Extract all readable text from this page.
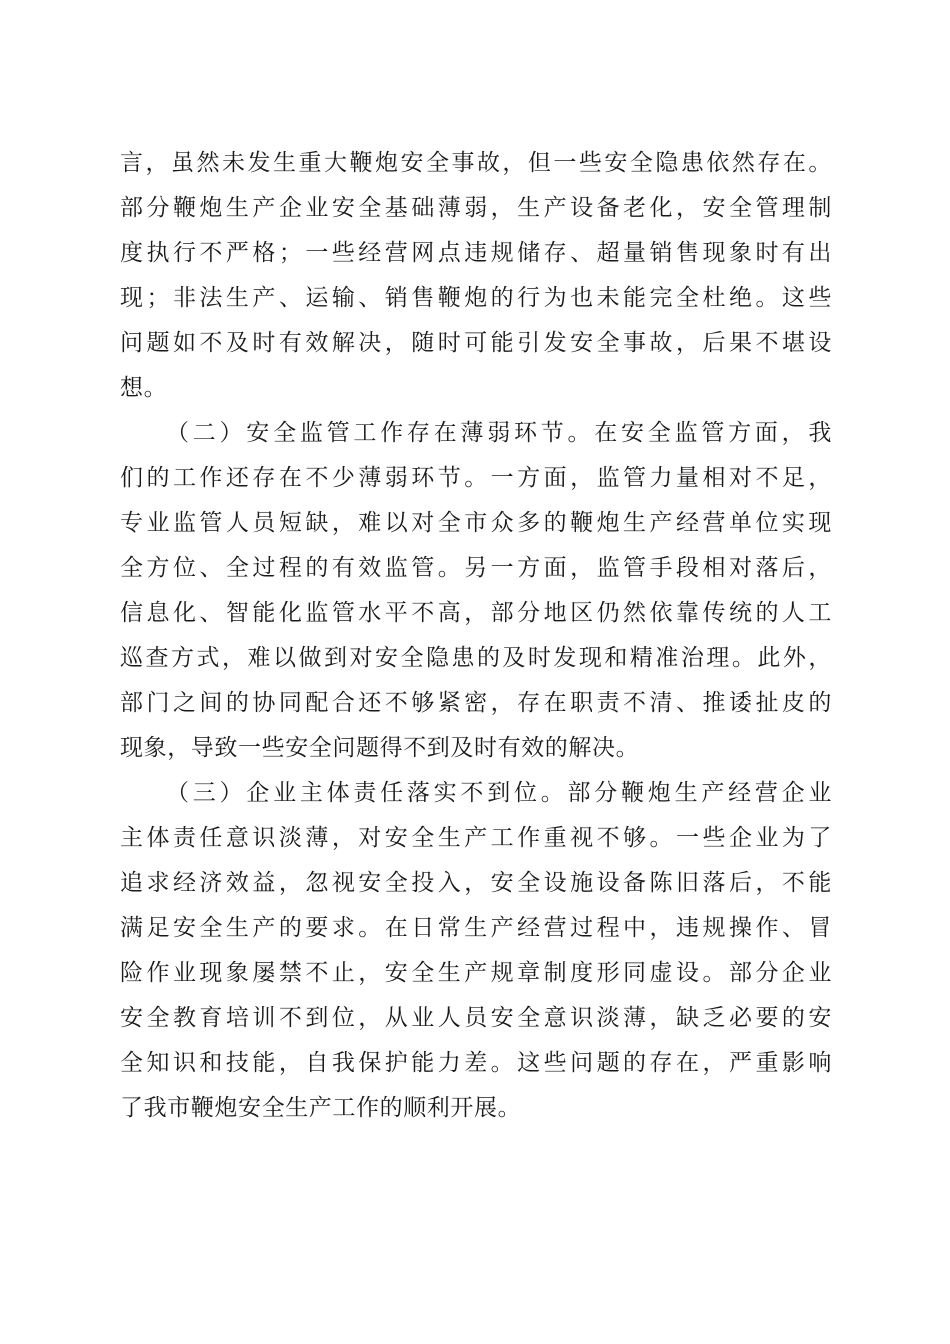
言，虽然未发生重大鞭炮安全事故，但一些安全隐患依然存在。
部分鞭炮生产企业安全基础薄弱，生产设备老化，安全管理制
度执行不严格；一些经营网点违规储存、超量销售现象时有出
现；非法生产、运输、销售鞭炮的行为也未能完全杜绝。这些
问题如不及时有效解决，随时可能引发安全事故，后果不堪设
想。
（二）安全监管工作存在薄弱环节。在安全监管方面，我
们的工作还存在不少薄弱环节。一方面，监管力量相对不足，
专业监管人员短缺，难以对全市众多的鞭炮生产经营单位实现
全方位、全过程的有效监管。另一方面，监管手段相对落后，
信息化、智能化监管水平不高，部分地区仍然依靠传统的人工
巡查方式，难以做到对安全隐患的及时发现和精准治理。此外，
部门之间的协同配合还不够紧密，存在职责不清、推诿扯皮的
现象，导致一些安全问题得不到及时有效的解决。
（三）企业主体责任落实不到位。部分鞭炮生产经营企业
主体责任意识淡薄，对安全生产工作重视不够。一些企业为了
追求经济效益，忽视安全投入，安全设施设备陈旧落后，不能
满足安全生产的要求。在日常生产经营过程中，违规操作、冒
险作业现象屡禁不止，安全生产规章制度形同虚设。部分企业
安全教育培训不到位，从业人员安全意识淡薄，缺乏必要的安
全知识和技能，自我保护能力差。这些问题的存在，严重影响
了我市鞭炮安全生产工作的顺利开展。
